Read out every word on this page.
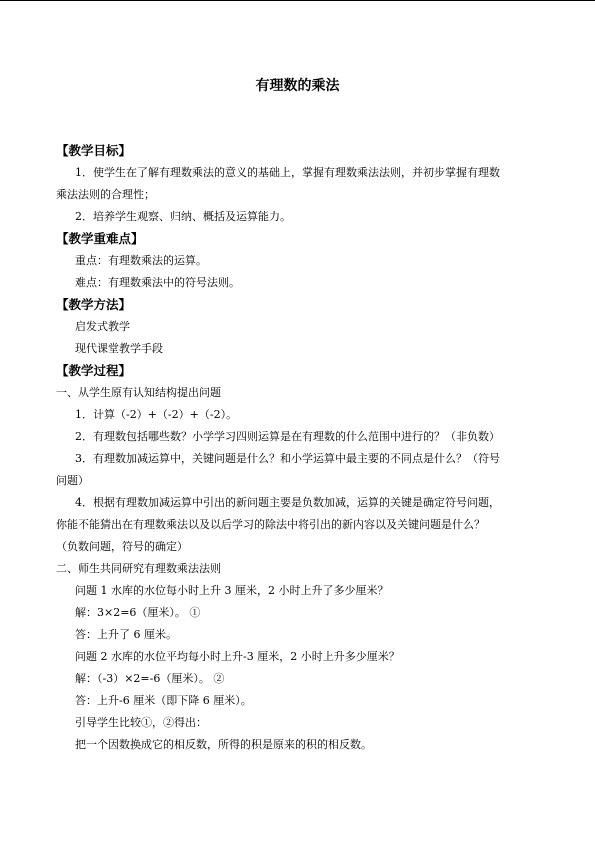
有理数的乘法
【教学目标】
1．使学生在了解有理数乘法的意义的基础上，掌握有理数乘法法则，并初步掌握有理数
乘法法则的合理性；
2．培养学生观察、归纳、概括及运算能力。
【教学重难点】
重点：有理数乘法的运算。
难点：有理数乘法中的符号法则。
【教学方法】
启发式教学
现代课堂教学手段
【教学过程】
一、从学生原有认知结构提出问题
1．计算（-2）+（-2）+（-2）。
2．有理数包括哪些数？小学学习四则运算是在有理数的什么范围中进行的？（非负数）
3．有理数加减运算中，关键问题是什么？和小学运算中最主要的不同点是什么？（符号
问题）
4．根据有理数加减运算中引出的新问题主要是负数加减，运算的关键是确定符号问题，
你能不能猜出在有理数乘法以及以后学习的除法中将引出的新内容以及关键问题是什么？
（负数问题，符号的确定）
二、师生共同研究有理数乘法法则
问题 1 水库的水位每小时上升 3 厘米，2 小时上升了多少厘米？
解：3×2=6（厘米）。 ①
答：上升了 6 厘米。
问题 2 水库的水位平均每小时上升-3 厘米，2 小时上升多少厘米？
解：（-3）×2=-6（厘米）。 ②
答：上升-6 厘米（即下降 6 厘米）。
引导学生比较①，②得出：
把一个因数换成它的相反数，所得的积是原来的积的相反数。
